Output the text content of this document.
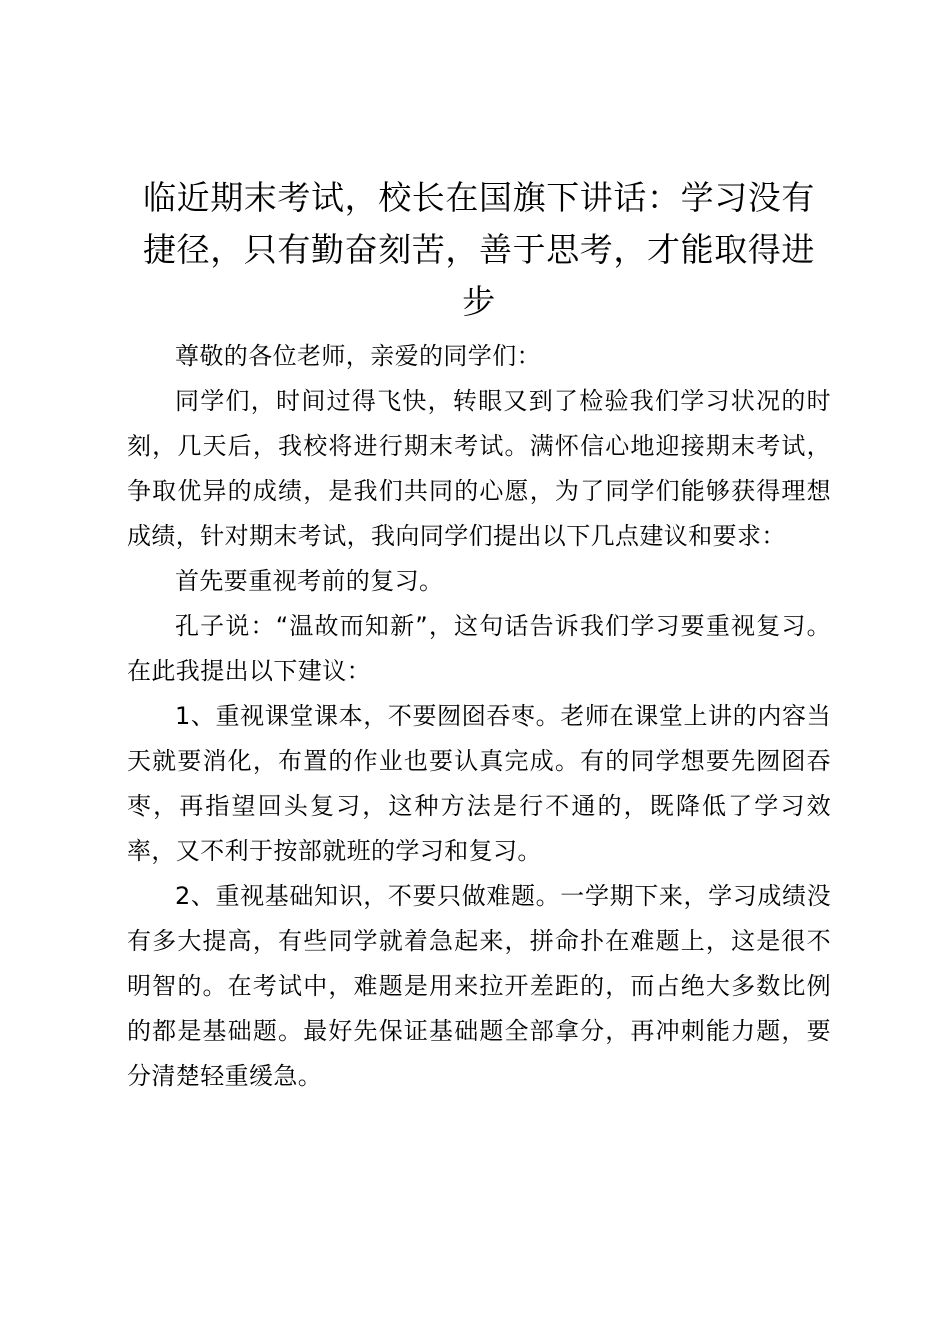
临近期末考试，校长在国旗下讲话：学习没有捷径，只有勤奋刻苦，善于思考，才能取得进步

尊敬的各位老师，亲爱的同学们：

同学们，时间过得飞快，转眼又到了检验我们学习状况的时刻，几天后，我校将进行期末考试。满怀信心地迎接期末考试，争取优异的成绩，是我们共同的心愿，为了同学们能够获得理想成绩，针对期末考试，我向同学们提出以下几点建议和要求：

首先要重视考前的复习。

孔子说：“温故而知新”，这句话告诉我们学习要重视复习。在此我提出以下建议：

1、重视课堂课本，不要囫囵吞枣。老师在课堂上讲的内容当天就要消化，布置的作业也要认真完成。有的同学想要先囫囵吞枣，再指望回头复习，这种方法是行不通的，既降低了学习效率，又不利于按部就班的学习和复习。

2、重视基础知识，不要只做难题。一学期下来，学习成绩没有多大提高，有些同学就着急起来，拼命扑在难题上，这是很不明智的。在考试中，难题是用来拉开差距的，而占绝大多数比例的都是基础题。最好先保证基础题全部拿分，再冲刺能力题，要分清楚轻重缓急。
